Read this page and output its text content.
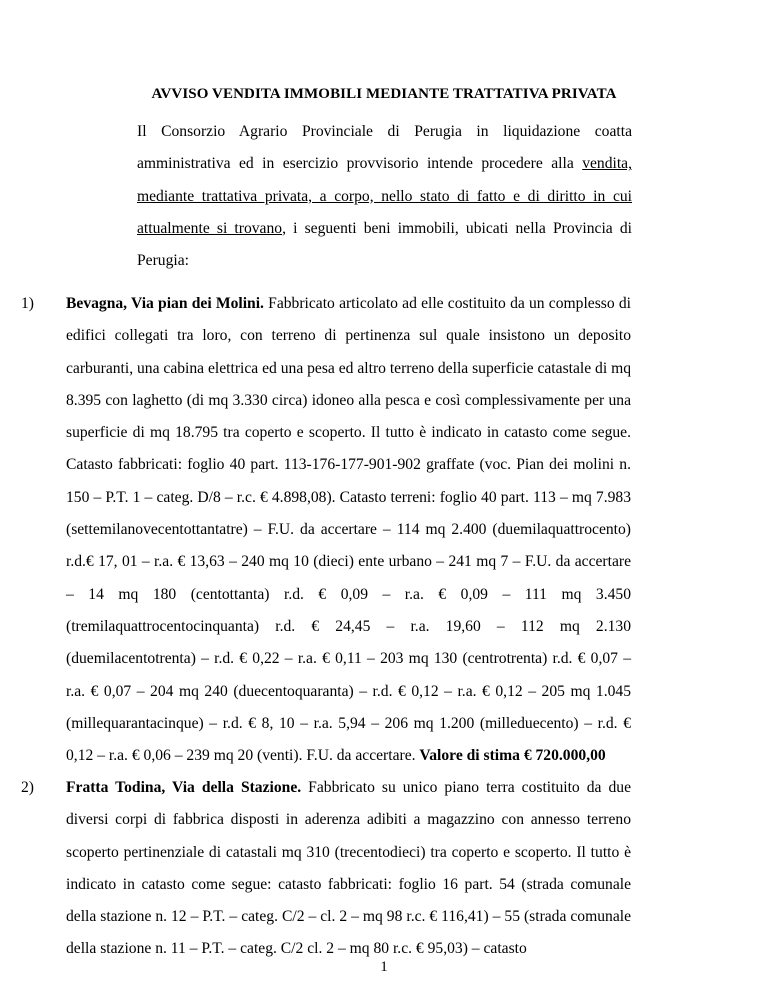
AVVISO VENDITA IMMOBILI MEDIANTE TRATTATIVA PRIVATA
Il Consorzio Agrario Provinciale di Perugia in liquidazione coatta amministrativa ed in esercizio provvisorio intende procedere alla vendita, mediante trattativa privata, a corpo, nello stato di fatto e di diritto in cui attualmente si trovano, i seguenti beni immobili, ubicati nella Provincia di Perugia:
1) Bevagna, Via pian dei Molini. Fabbricato articolato ad elle costituito da un complesso di edifici collegati tra loro, con terreno di pertinenza sul quale insistono un deposito carburanti, una cabina elettrica ed una pesa ed altro terreno della superficie catastale di mq 8.395 con laghetto (di mq 3.330 circa) idoneo alla pesca e così complessivamente per una superficie di mq 18.795 tra coperto e scoperto. Il tutto è indicato in catasto come segue. Catasto fabbricati: foglio 40 part. 113-176-177-901-902 graffate (voc. Pian dei molini n. 150 – P.T. 1 – categ. D/8 – r.c. € 4.898,08). Catasto terreni: foglio 40 part. 113 – mq 7.983 (settemilanovecentottantatre) – F.U. da accertare – 114 mq 2.400 (duemilaquattrocento) r.d.€ 17, 01 – r.a. € 13,63 – 240 mq 10 (dieci) ente urbano – 241 mq 7 – F.U. da accertare – 14 mq 180 (centottanta) r.d. € 0,09 – r.a. € 0,09 – 111 mq 3.450 (tremilaquattrocentocinquanta) r.d. € 24,45 – r.a. 19,60 – 112 mq 2.130 (duemilacentotrenta) – r.d. € 0,22 – r.a. € 0,11 – 203 mq 130 (centrotrenta) r.d. € 0,07 – r.a. € 0,07 – 204 mq 240 (duecentoquaranta) – r.d. € 0,12 – r.a. € 0,12 – 205 mq 1.045 (millequarantacinque) – r.d. € 8, 10 – r.a. 5,94 – 206 mq 1.200 (milleduecento) – r.d. € 0,12 – r.a. € 0,06 – 239 mq 20 (venti). F.U. da accertare. Valore di stima € 720.000,00
2) Fratta Todina, Via della Stazione. Fabbricato su unico piano terra costituito da due diversi corpi di fabbrica disposti in aderenza adibiti a magazzino con annesso terreno scoperto pertinenziale di catastali mq 310 (trecentodieci) tra coperto e scoperto. Il tutto è indicato in catasto come segue: catasto fabbricati: foglio 16 part. 54 (strada comunale della stazione n. 12 – P.T. – categ. C/2 – cl. 2 – mq 98 r.c. € 116,41) – 55 (strada comunale della stazione n. 11 – P.T. – categ. C/2 cl. 2 – mq 80 r.c. € 95,03) – catasto
1
